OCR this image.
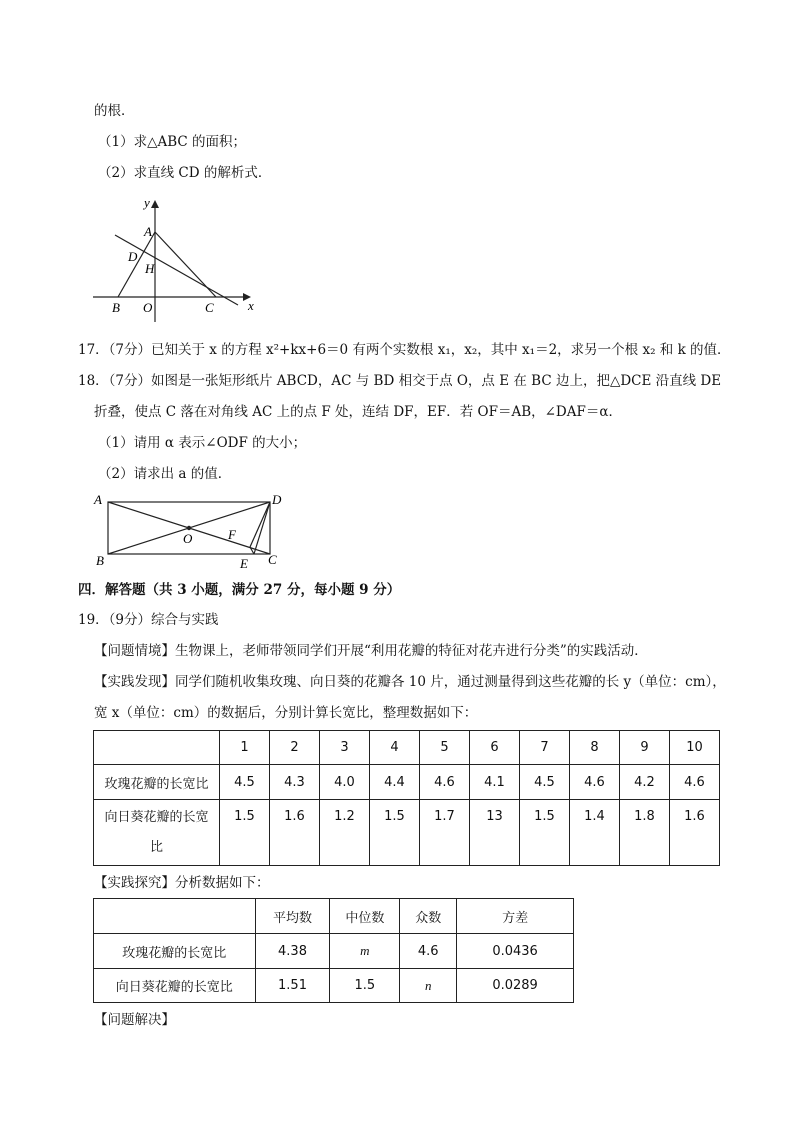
的根．
（1）求△ABC 的面积；
（2）求直线 CD 的解析式．
y
x
A
D
H
B O	C
17．（7分）已知关于 x 的方程 x²+kx+6＝0 有两个实数根 x₁，x₂，其中 x₁＝2，求另一个根 x₂ 和 k 的值．
18．（7分）如图是一张矩形纸片 ABCD，AC 与 BD 相交于点 O，点 E 在 BC 边上，把△DCE 沿直线 DE
折叠，使点 C 落在对角线 AC 上的点 F 处，连结 DF，EF．若 OF＝AB，∠DAF＝α．
（1）请用 α 表示∠ODF 的大小；
（2）请求出 a 的值．
A	D
O	F
B	E C
四．解答题（共 3 小题，满分 27 分，每小题 9 分）
19．（9分）综合与实践
【问题情境】生物课上，老师带领同学们开展“利用花瓣的特征对花卉进行分类”的实践活动．
【实践发现】同学们随机收集玫瑰、向日葵的花瓣各 10 片，通过测量得到这些花瓣的长 y（单位：cm），
宽 x（单位：cm）的数据后，分别计算长宽比，整理数据如下：
	1	2	3	4	5	6	7	8	9	10
玫瑰花瓣的长宽比	4.5	4.3	4.0	4.4	4.6	4.1	4.5	4.6	4.2	4.6
向日葵花瓣的长宽比	1.5	1.6	1.2	1.5	1.7	13	1.5	1.4	1.8	1.6
【实践探究】分析数据如下：
	平均数	中位数	众数	方差
玫瑰花瓣的长宽比	4.38	m	4.6	0.0436
向日葵花瓣的长宽比	1.51	1.5	n	0.0289
【问题解决】
